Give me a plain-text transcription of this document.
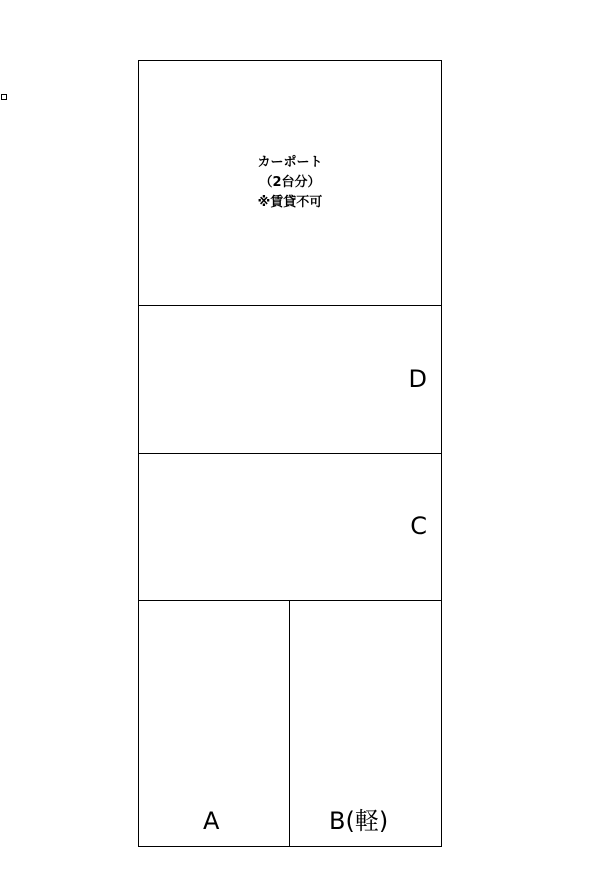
カーポート
（2台分）
※賃貸不可
D
C
A	B(軽)
